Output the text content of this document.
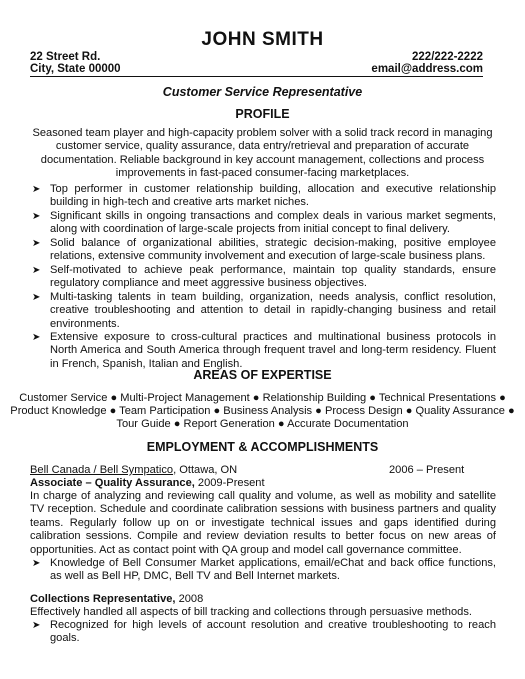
JOHN SMITH
22 Street Rd.	222/222-2222
City, State 00000	email@address.com
Customer Service Representative
PROFILE

Seasoned team player and high-capacity problem solver with a solid track record in managing customer service, quality assurance, data entry/retrieval and preparation of accurate documentation. Reliable background in key account management, collections and process improvements in fast-paced consumer-facing marketplaces.

➤ Top performer in customer relationship building, allocation and executive relationship building in high-tech and creative arts market niches.
➤ Significant skills in ongoing transactions and complex deals in various market segments, along with coordination of large-scale projects from initial concept to final delivery.
➤ Solid balance of organizational abilities, strategic decision-making, positive employee relations, extensive community involvement and execution of large-scale business plans.
➤ Self-motivated to achieve peak performance, maintain top quality standards, ensure regulatory compliance and meet aggressive business objectives.
➤ Multi-tasking talents in team building, organization, needs analysis, conflict resolution, creative troubleshooting and attention to detail in rapidly-changing business and retail environments.
➤ Extensive exposure to cross-cultural practices and multinational business protocols in North America and South America through frequent travel and long-term residency. Fluent in French, Spanish, Italian and English.
AREAS OF EXPERTISE
Customer Service ● Multi-Project Management ● Relationship Building ● Technical Presentations ●
Product Knowledge ● Team Participation ● Business Analysis ● Process Design ● Quality Assurance ●
Tour Guide ● Report Generation ● Accurate Documentation
EMPLOYMENT & ACCOMPLISHMENTS
Bell Canada / Bell Sympatico, Ottawa, ON	2006 – Present
Associate – Quality Assurance, 2009-Present

In charge of analyzing and reviewing call quality and volume, as well as mobility and satellite TV reception. Schedule and coordinate calibration sessions with business partners and quality teams. Regularly follow up on or investigate technical issues and gaps identified during calibration sessions. Compile and review deviation results to better focus on new areas of opportunities. Act as contact point with QA group and model call governance committee.

➤ Knowledge of Bell Consumer Market applications, email/eChat and back office functions, as well as Bell HP, DMC, Bell TV and Bell Internet markets.
Collections Representative, 2008

Effectively handled all aspects of bill tracking and collections through persuasive methods.

➤ Recognized for high levels of account resolution and creative troubleshooting to reach goals.
